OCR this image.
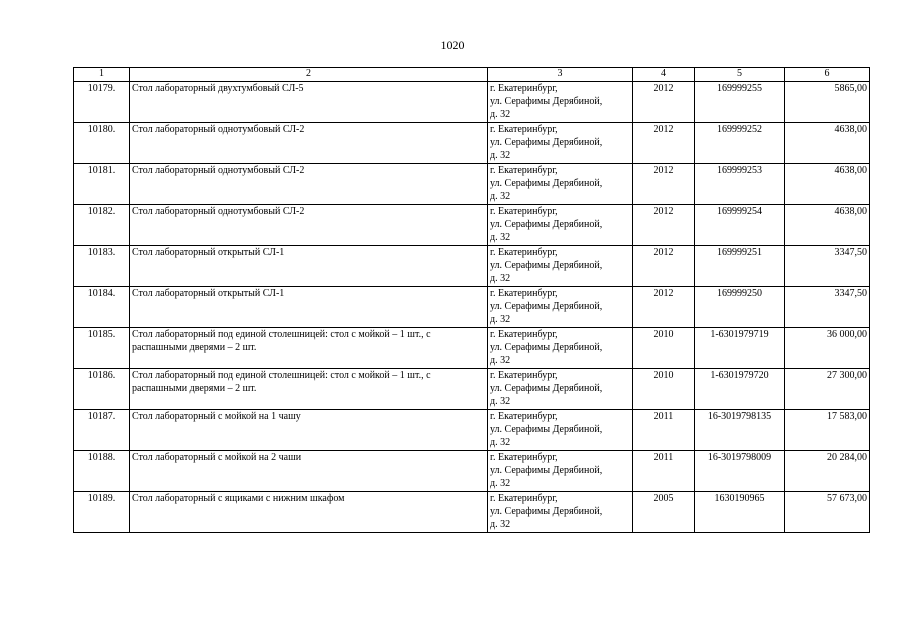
1020
1	2	3	4	5	6
10179.	Стол лабораторный двухтумбовый СЛ-5	г. Екатеринбург,
ул. Серафимы Дерябиной,
д. 32	2012	169999255	5865,00
10180.	Стол лабораторный однотумбовый СЛ-2	г. Екатеринбург,
ул. Серафимы Дерябиной,
д. 32	2012	169999252	4638,00
10181.	Стол лабораторный однотумбовый СЛ-2	г. Екатеринбург,
ул. Серафимы Дерябиной,
д. 32	2012	169999253	4638,00
10182.	Стол лабораторный однотумбовый СЛ-2	г. Екатеринбург,
ул. Серафимы Дерябиной,
д. 32	2012	169999254	4638,00
10183.	Стол лабораторный открытый СЛ-1	г. Екатеринбург,
ул. Серафимы Дерябиной,
д. 32	2012	169999251	3347,50
10184.	Стол лабораторный открытый СЛ-1	г. Екатеринбург,
ул. Серафимы Дерябиной,
д. 32	2012	169999250	3347,50
10185.	Стол лабораторный под единой столешницей: стол с мойкой – 1 шт., с распашными дверями – 2 шт.	г. Екатеринбург,
ул. Серафимы Дерябиной,
д. 32	2010	1-6301979719	36 000,00
10186.	Стол лабораторный под единой столешницей: стол с мойкой – 1 шт., с распашными дверями – 2 шт.	г. Екатеринбург,
ул. Серафимы Дерябиной,
д. 32	2010	1-6301979720	27 300,00
10187.	Стол лабораторный с мойкой на 1 чашу	г. Екатеринбург,
ул. Серафимы Дерябиной,
д. 32	2011	16-3019798135	17 583,00
10188.	Стол лабораторный с мойкой на 2 чаши	г. Екатеринбург,
ул. Серафимы Дерябиной,
д. 32	2011	16-3019798009	20 284,00
10189.	Стол лабораторный с ящиками с нижним шкафом	г. Екатеринбург,
ул. Серафимы Дерябиной,
д. 32	2005	1630190965	57 673,00
